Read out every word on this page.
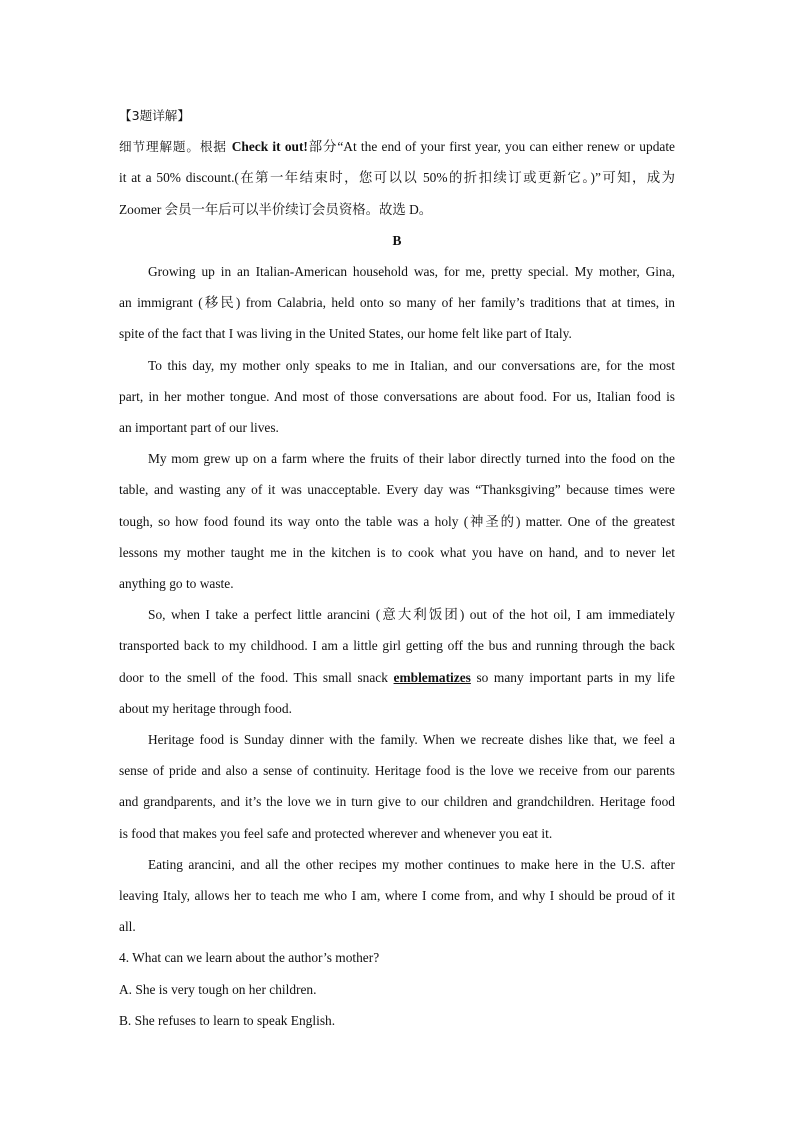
【3题详解】
细节理解题。根据 Check it out!部分“At the end of your first year, you can either renew or update
it at a 50% discount.(在第一年结束时，您可以以 50%的折扣续订或更新它。)”可知，成为
Zoomer 会员一年后可以半价续订会员资格。故选 D。
B
Growing up in an Italian-American household was, for me, pretty special. My mother, Gina,
an immigrant (移民) from Calabria, held onto so many of her family’s traditions that at times, in
spite of the fact that I was living in the United States, our home felt like part of Italy.
To this day, my mother only speaks to me in Italian, and our conversations are, for the most
part, in her mother tongue. And most of those conversations are about food. For us, Italian food is
an important part of our lives.
My mom grew up on a farm where the fruits of their labor directly turned into the food on the
table, and wasting any of it was unacceptable. Every day was “Thanksgiving” because times were
tough, so how food found its way onto the table was a holy (神圣的) matter. One of the greatest
lessons my mother taught me in the kitchen is to cook what you have on hand, and to never let
anything go to waste.
So, when I take a perfect little arancini (意大利饭团) out of the hot oil, I am immediately
transported back to my childhood. I am a little girl getting off the bus and running through the back
door to the smell of the food. This small snack emblematizes so many important parts in my life
about my heritage through food.
Heritage food is Sunday dinner with the family. When we recreate dishes like that, we feel a
sense of pride and also a sense of continuity. Heritage food is the love we receive from our parents
and grandparents, and it’s the love we in turn give to our children and grandchildren. Heritage food
is food that makes you feel safe and protected wherever and whenever you eat it.
Eating arancini, and all the other recipes my mother continues to make here in the U.S. after
leaving Italy, allows her to teach me who I am, where I come from, and why I should be proud of it
all.
4. What can we learn about the author’s mother?
A. She is very tough on her children.
B. She refuses to learn to speak English.
